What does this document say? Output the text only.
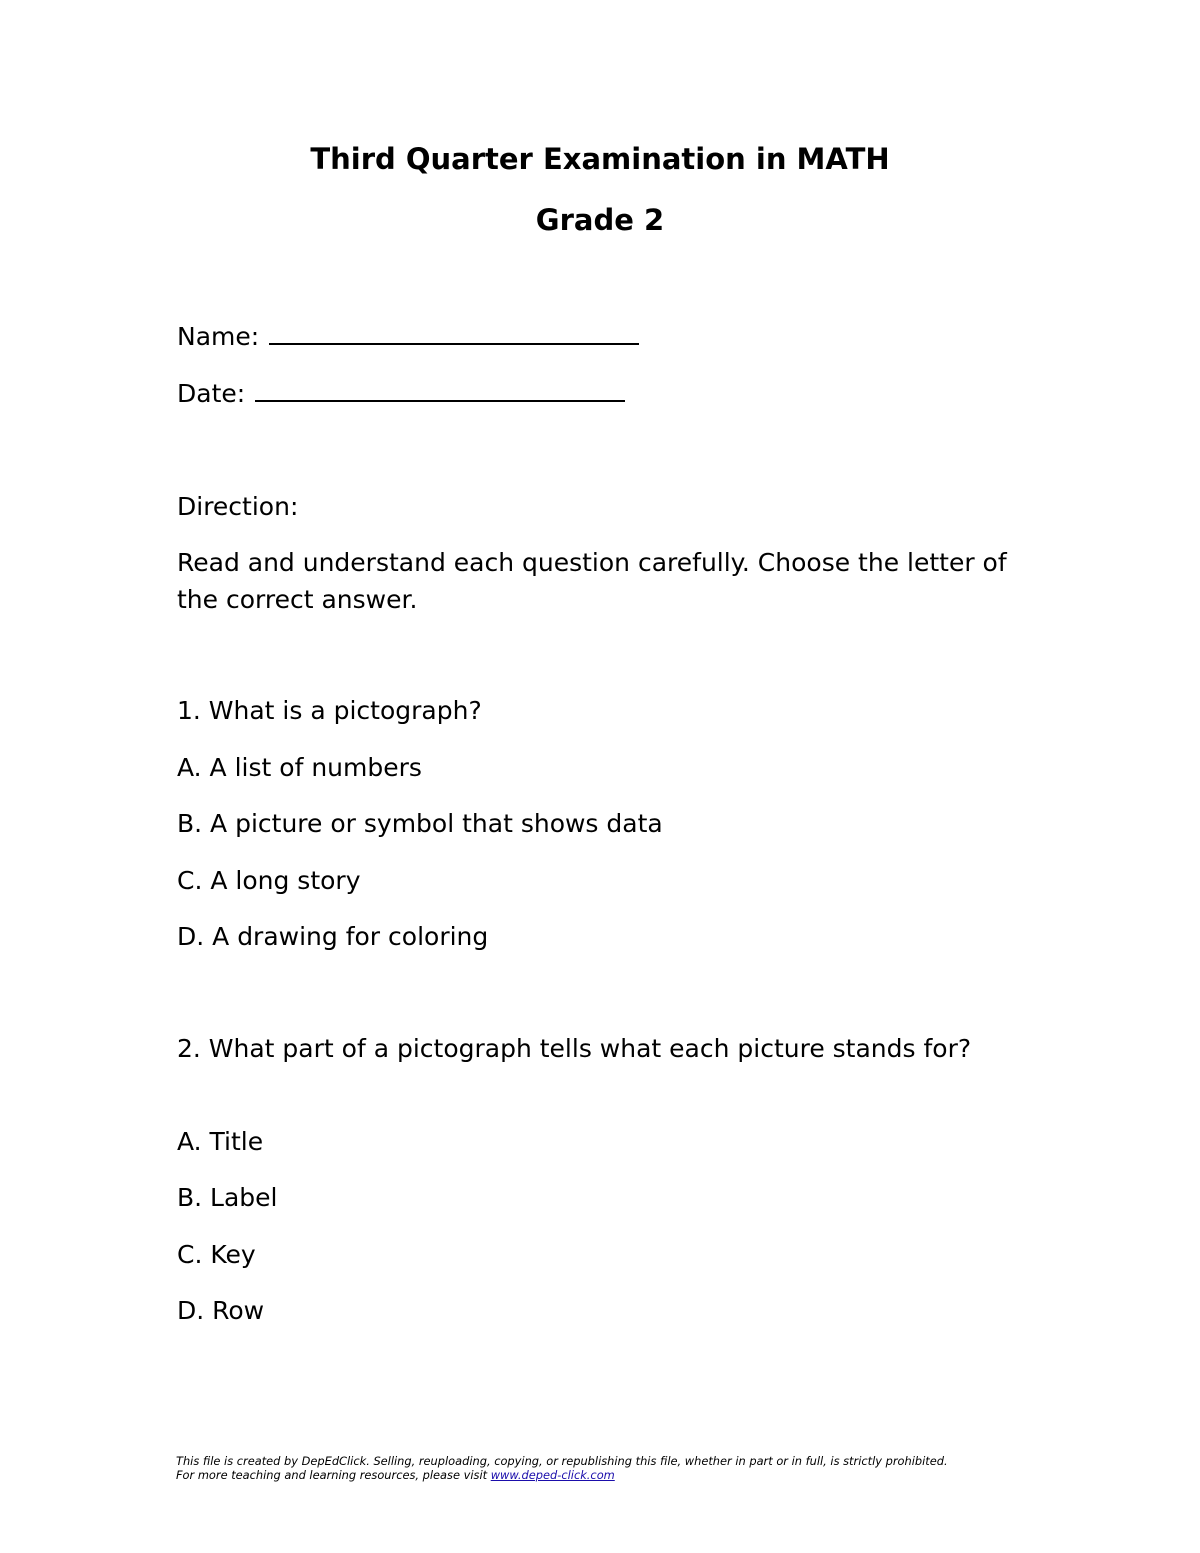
Third Quarter Examination in MATH
Grade 2
Name:
Date:
Direction:
Read and understand each question carefully. Choose the letter of the correct answer.
1. What is a pictograph?
A. A list of numbers
B. A picture or symbol that shows data
C. A long story
D. A drawing for coloring
2. What part of a pictograph tells what each picture stands for?
A. Title
B. Label
C. Key
D. Row
This file is created by DepEdClick. Selling, reuploading, copying, or republishing this file, whether in part or in full, is strictly prohibited.
For more teaching and learning resources, please visit www.deped-click.com
